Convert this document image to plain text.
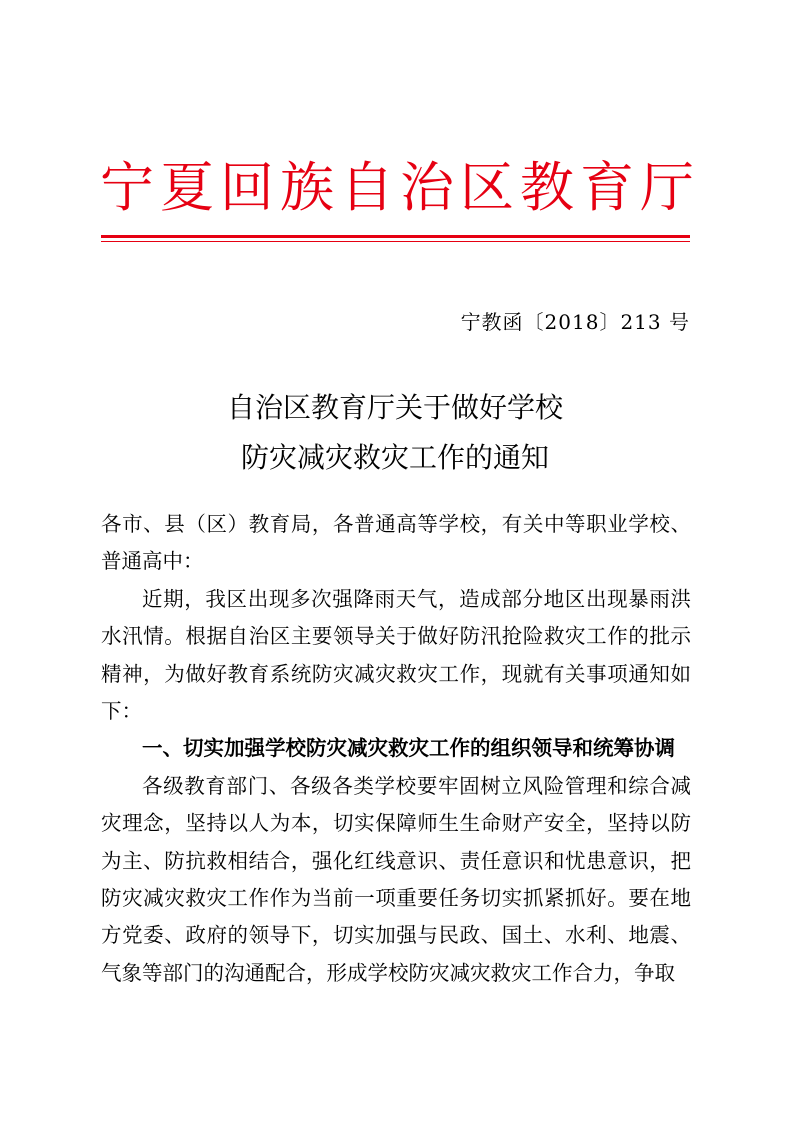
宁夏回族自治区教育厅
宁教函〔2018〕213 号
自治区教育厅关于做好学校
防灾减灾救灾工作的通知

各市、县（区）教育局，各普通高等学校，有关中等职业学校、普通高中：

近期，我区出现多次强降雨天气，造成部分地区出现暴雨洪水汛情。根据自治区主要领导关于做好防汛抢险救灾工作的批示精神，为做好教育系统防灾减灾救灾工作，现就有关事项通知如下：

一、切实加强学校防灾减灾救灾工作的组织领导和统筹协调

各级教育部门、各级各类学校要牢固树立风险管理和综合减灾理念，坚持以人为本，切实保障师生生命财产安全，坚持以防为主、防抗救相结合，强化红线意识、责任意识和忧患意识，把防灾减灾救灾工作作为当前一项重要任务切实抓紧抓好。要在地方党委、政府的领导下，切实加强与民政、国土、水利、地震、气象等部门的沟通配合，形成学校防灾减灾救灾工作合力，争取
